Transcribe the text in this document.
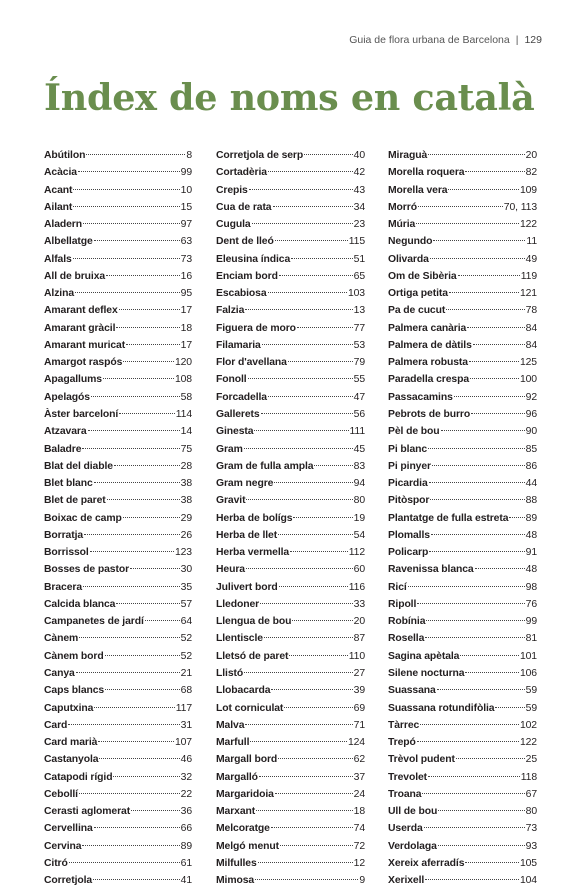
Guia de flora urbana de Barcelona | 129
Índex de noms en català
Abútilon	8
Acàcia	99
Acant	10
Ailant	15
Aladern	97
Albellatge	63
Alfals	73
All de bruixa	16
Alzina	95
Amarant deflex	17
Amarant gràcil	18
Amarant muricat	17
Amargot raspós	120
Apagallums	108
Apelagós	58
Àster barceloní	114
Atzavara	14
Baladre	75
Blat del diable	28
Blet blanc	38
Blet de paret	38
Boixac de camp	29
Borratja	26
Borrissol	123
Bosses de pastor	30
Bracera	35
Calcida blanca	57
Campanetes de jardí	64
Cànem	52
Cànem bord	52
Canya	21
Caps blancs	68
Caputxina	117
Card	31
Card marià	107
Castanyola	46
Catapodi rígid	32
Cebollí	22
Cerasti aglomerat	36
Cervellina	66
Cervina	89
Citró	61
Corretjola	41
Corretjola de serp	40
Cortadèria	42
Crepis	43
Cua de rata	34
Cugula	23
Dent de lleó	115
Eleusina índica	51
Enciam bord	65
Escabiosa	103
Falzia	13
Figuera de moro	77
Filamaria	53
Flor d'avellana	79
Fonoll	55
Forcadella	47
Gallerets	56
Ginesta	111
Gram	45
Gram de fulla ampla	83
Gram negre	94
Gravit	80
Herba de bolígs	19
Herba de llet	54
Herba vermella	112
Heura	60
Julivert bord	116
Lledoner	33
Llengua de bou	20
Llentiscle	87
Lletsó de paret	110
Llistó	27
Llobacarda	39
Lot corniculat	69
Malva	71
Marfull	124
Margall bord	62
Margalló	37
Margaridoia	24
Marxant	18
Melcoratge	74
Melgó menut	72
Milfulles	12
Mimosa	9
Miraguà	20
Morella roquera	82
Morella vera	109
Morró	70, 113
Múria	122
Negundo	11
Olivarda	49
Om de Sibèria	119
Ortiga petita	121
Pa de cucut	78
Palmera canària	84
Palmera de dàtils	84
Palmera robusta	125
Paradella crespa	100
Passacamins	92
Pebrots de burro	96
Pèl de bou	90
Pi blanc	85
Pi pinyer	86
Picardia	44
Pitòspor	88
Plantatge de fulla estreta 89
Plomalls	48
Policarp	91
Ravenissa blanca	48
Ricí	98
Ripoll	76
Robínia	99
Rosella	81
Sagina apètala	101
Silene nocturna	106
Suassana	59
Suassana rotundifòlia	59
Tàrrec	102
Trepó	122
Trèvol pudent	25
Trevolet	118
Troana	67
Ull de bou	80
Userda	73
Verdolaga	93
Xereix aferradís	105
Xerixell	104
